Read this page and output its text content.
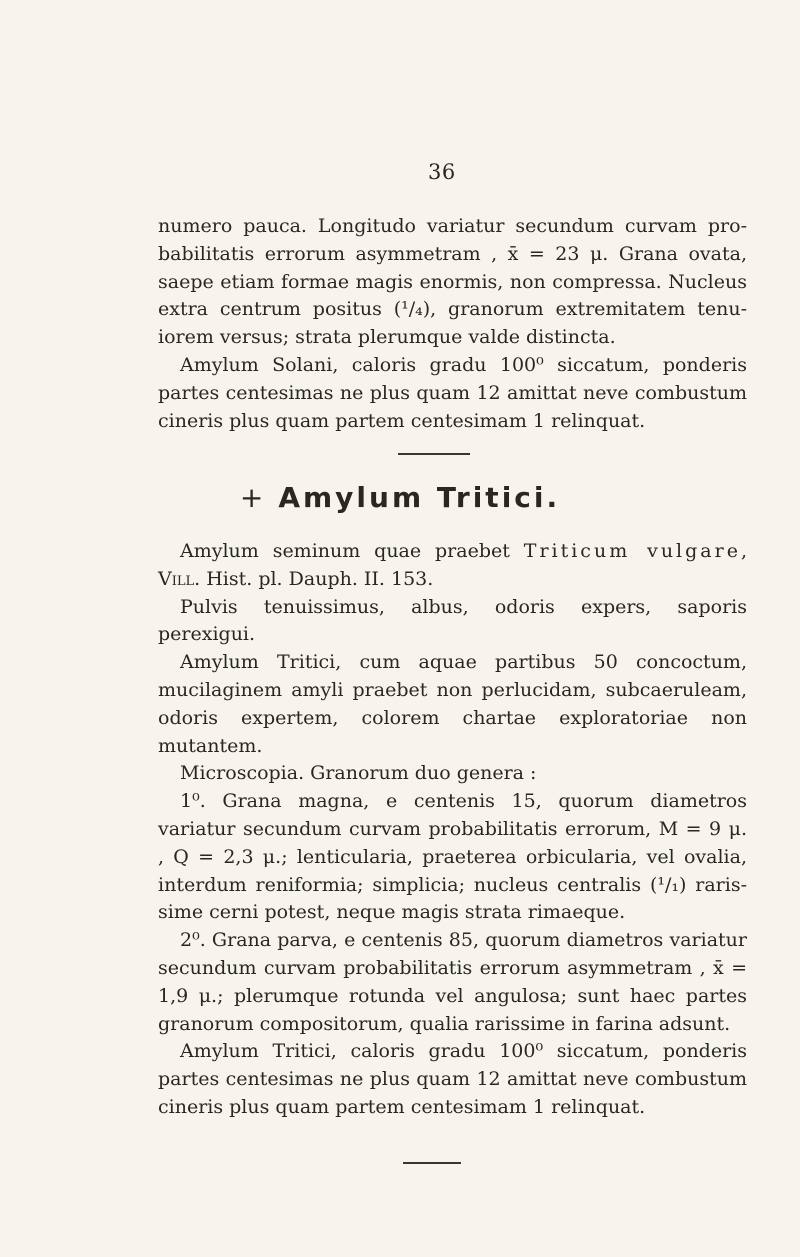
36

numero pauca. Longitudo variatur secundum curvam probabilitatis errorum asymmetram , x̄ = 23 μ. Grana ovata, saepe etiam formae magis enormis, non compressa. Nucleus extra centrum positus (¹/₄), granorum extremitatem tenuiorem versus; strata plerumque valde distincta.

Amylum Solani, caloris gradu 100⁰ siccatum, ponderis partes centesimas ne plus quam 12 amittat neve combustum cineris plus quam partem centesimam 1 relinquat.

+ Amylum Tritici.

Amylum seminum quae praebet Triticum vulgare, Vill. Hist. pl. Dauph. II. 153.

Pulvis tenuissimus, albus, odoris expers, saporis perexigui.

Amylum Tritici, cum aquae partibus 50 concoctum, mucilaginem amyli praebet non perlucidam, subcaeruleam, odoris expertem, colorem chartae exploratoriae non mutantem.

Microscopia. Granorum duo genera :

1⁰. Grana magna, e centenis 15, quorum diametros variatur secundum curvam probabilitatis errorum, M = 9 μ. , Q = 2,3 μ.; lenticularia, praeterea orbicularia, vel ovalia, interdum reniformia; simplicia; nucleus centralis (¹/₁) rarissime cerni potest, neque magis strata rimaeque.

2⁰. Grana parva, e centenis 85, quorum diametros variatur secundum curvam probabilitatis errorum asymmetram , x̄ = 1,9 μ.; plerumque rotunda vel angulosa; sunt haec partes granorum compositorum, qualia rarissime in farina adsunt.

Amylum Tritici, caloris gradu 100⁰ siccatum, ponderis partes centesimas ne plus quam 12 amittat neve combustum cineris plus quam partem centesimam 1 relinquat.
